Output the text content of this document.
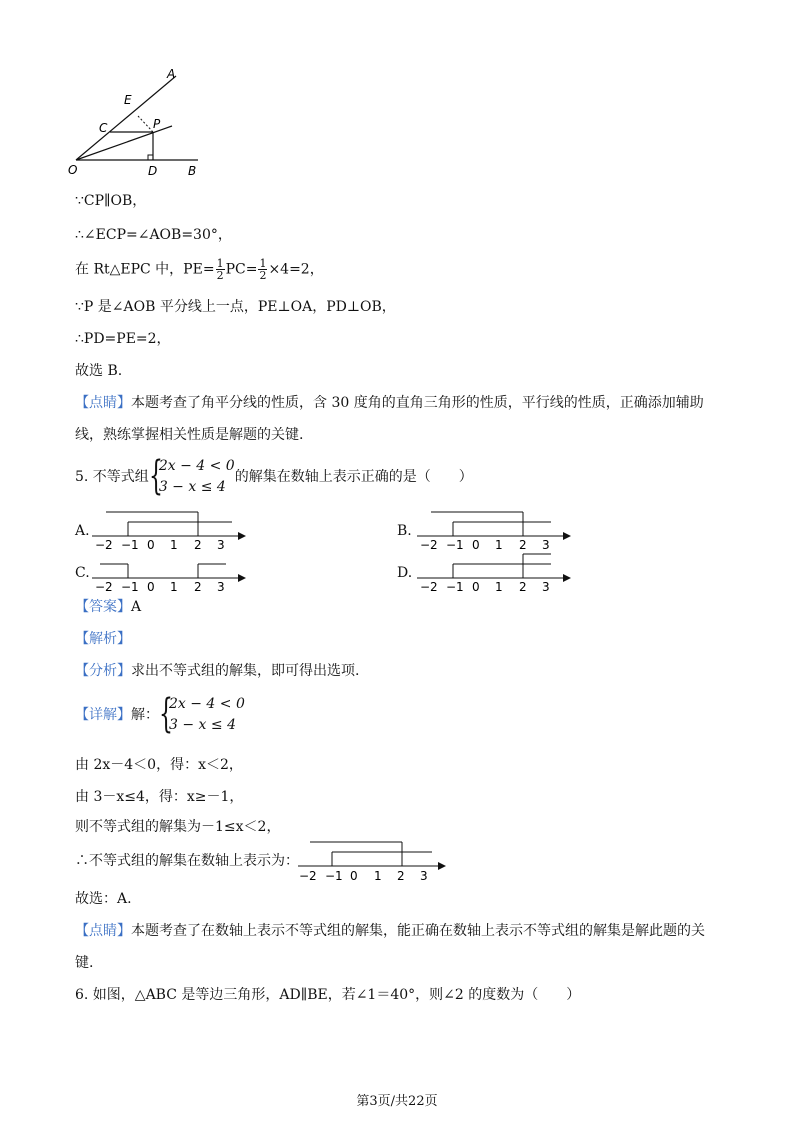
A
E
C	P
O	D	B
∵CP∥OB，
∴∠ECP=∠AOB=30°，
在 Rt△EPC 中，$PE= \frac{1}{2} PC= \frac{1}{2} \times 4=2$，
∵P 是∠AOB 平分线上一点，PE⊥OA，PD⊥OB，
∴PD=PE=2，
故选 B.
【点睛】本题考查了角平分线的性质，含 30 度角的直角三角形的性质，平行线的性质，正确添加辅助
线，熟练掌握相关性质是解题的关键.
5. 不等式组 {
2x − 4 < 0
3 − x ≤ 4
的解集在数轴上表示正确的是（　　）
A.
−2 −1 0 1 2 3
B.
−2 −1 0 1 2 3
C.
−2 −1 0 1 2 3
D.
−2 −1 0 1 2 3
【答案】A
【解析】
【分析】求出不等式组的解集，即可得出选项.
【详解】解： {
2x − 4 < 0
3 − x ≤ 4
由 2x－4＜0，得：x＜2，
由 3－x≤4，得：x≥－1，
则不等式组的解集为－1≤x＜2，
∴不等式组的解集在数轴上表示为：
−2 −1 0 1 2 3
故选：A.
【点睛】本题考查了在数轴上表示不等式组的解集，能正确在数轴上表示不等式组的解集是解此题的关
键.
6. 如图，△ABC 是等边三角形，AD∥BE，若∠1＝40°，则∠2 的度数为（　　）
第3页/共22页
